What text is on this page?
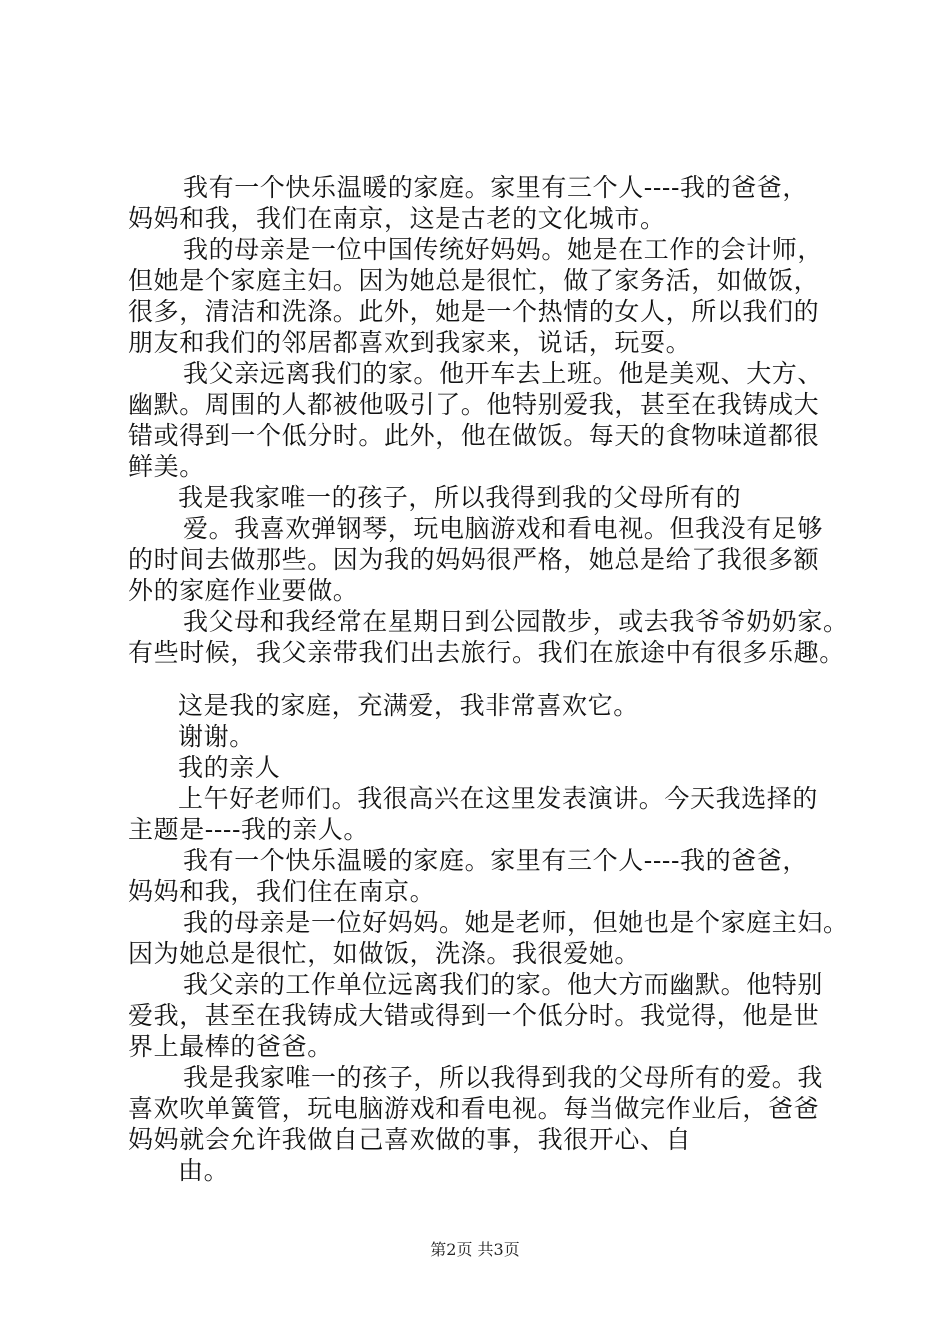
我有一个快乐温暖的家庭。家里有三个人----我的爸爸，
妈妈和我，我们在南京，这是古老的文化城市。
我的母亲是一位中国传统好妈妈。她是在工作的会计师，
但她是个家庭主妇。因为她总是很忙，做了家务活，如做饭，
很多，清洁和洗涤。此外，她是一个热情的女人，所以我们的
朋友和我们的邻居都喜欢到我家来，说话，玩耍。
我父亲远离我们的家。他开车去上班。他是美观、大方、
幽默。周围的人都被他吸引了。他特别爱我，甚至在我铸成大
错或得到一个低分时。此外，他在做饭。每天的食物味道都很
鲜美。
我是我家唯一的孩子，所以我得到我的父母所有的
爱。我喜欢弹钢琴，玩电脑游戏和看电视。但我没有足够
的时间去做那些。因为我的妈妈很严格，她总是给了我很多额
外的家庭作业要做。
我父母和我经常在星期日到公园散步，或去我爷爷奶奶家。
有些时候，我父亲带我们出去旅行。我们在旅途中有很多乐趣。
这是我的家庭，充满爱，我非常喜欢它。
谢谢。
我的亲人
上午好老师们。我很高兴在这里发表演讲。今天我选择的
主题是----我的亲人。
我有一个快乐温暖的家庭。家里有三个人----我的爸爸，
妈妈和我，我们住在南京。
我的母亲是一位好妈妈。她是老师，但她也是个家庭主妇。
因为她总是很忙，如做饭，洗涤。我很爱她。
我父亲的工作单位远离我们的家。他大方而幽默。他特别
爱我，甚至在我铸成大错或得到一个低分时。我觉得，他是世
界上最棒的爸爸。
我是我家唯一的孩子，所以我得到我的父母所有的爱。我
喜欢吹单簧管，玩电脑游戏和看电视。每当做完作业后，爸爸
妈妈就会允许我做自己喜欢做的事，我很开心、自
由。
第2页 共3页
